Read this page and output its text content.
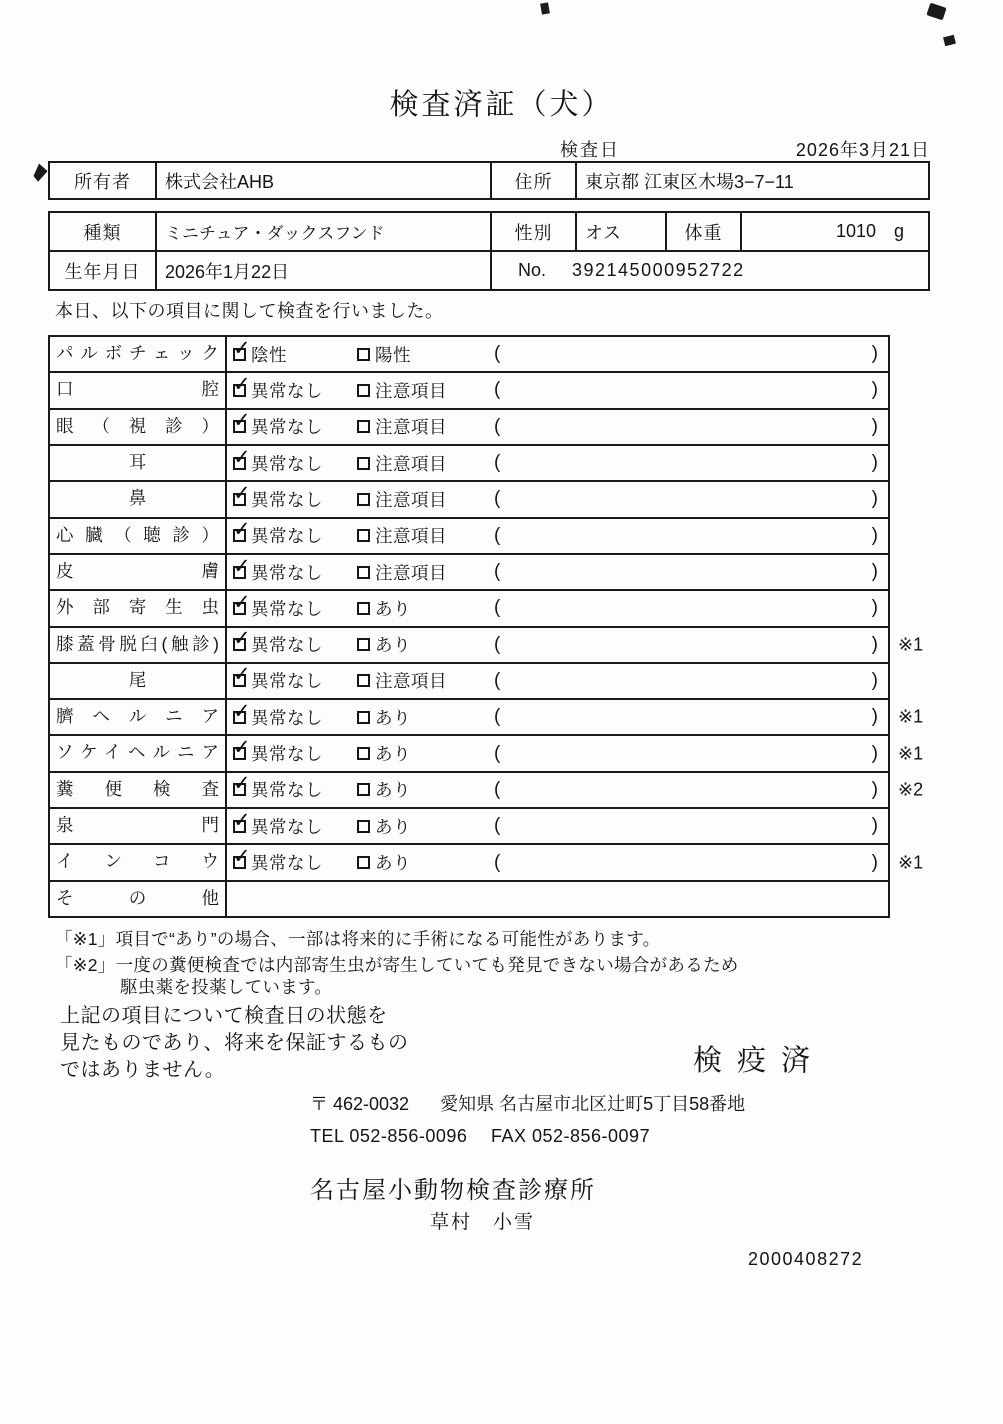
検査済証（犬）
検査日	2026年3月21日
所有者	株式会社AHB	住所	東京都 江東区木場3−7−11
種類	ミニチュア・ダックスフンド	性別	オス	体重	1010 g
生年月日	2026年1月22日	No.	392145000952722
本日、以下の項目に関して検査を行いました。
パルボチェック ✓ 陰性	陽性	(	)
口腔 ✓ 異常なし	注意項目 (	)
眼（視診） ✓ 異常なし	注意項目 (	)
耳	✓ 異常なし	注意項目 (	)
鼻	✓ 異常なし	注意項目 (	)
心臓（聴診） ✓ 異常なし	注意項目 (	)
皮膚 ✓ 異常なし	注意項目 (	)
外部寄生虫 ✓ 異常なし	あり	(	)
膝蓋骨脱臼(触診) ✓ 異常なし	あり	(	) ※1
尾	✓ 異常なし	注意項目 (	)
臍ヘルニア ✓ 異常なし	あり	(	) ※1
ソケイヘルニア ✓ 異常なし	あり	(	) ※1
糞便検査 ✓ 異常なし	あり	(	) ※2
泉門 ✓ 異常なし	あり	(	)
インコウ ✓ 異常なし	あり	(	) ※1
その他
「※1」項目で“あり”の場合、一部は将来的に手術になる可能性があります。
「※2」一度の糞便検査では内部寄生虫が寄生していても発見できない場合があるため
駆虫薬を投薬しています。
上記の項目について検査日の状態を
見たものであり、将来を保証するもの
ではありません。	検疫済
〒 462-0032 愛知県 名古屋市北区辻町5丁目58番地
TEL 052-856-0096 FAX 052-856-0097
名古屋小動物検査診療所
草村　小雪
2000408272
